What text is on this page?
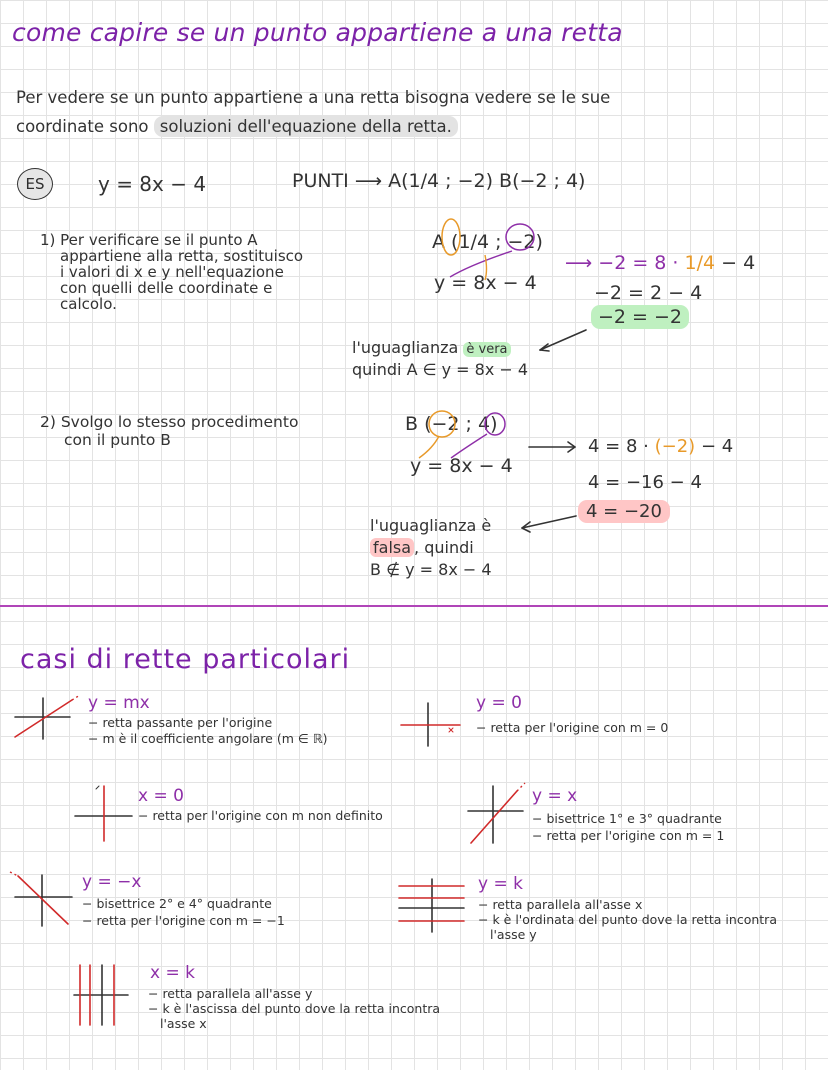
come capire se un punto appartiene a una retta
Per vedere se un punto appartiene a una retta bisogna vedere se le sue
coordinate sono soluzioni dell'equazione della retta.
ES	y = 8x − 4	PUNTI ⟶ A(1/4 ; −2) B(−2 ; 4)
1) Per verificare se il punto A
appartiene alla retta, sostituisco
i valori di x e y nell'equazione
con quelli delle coordinate e
calcolo.
A (1/4 ; −2)
y = 8x − 4
⟶ −2 = 8 · 1/4 − 4
−2 = 2 − 4
−2 = −2
l'uguaglianza è vera
quindi A ∈ y = 8x − 4
2) Svolgo lo stesso procedimento
con il punto B
B (−2 ; 4)
y = 8x − 4
4 = 8 · (−2) − 4
4 = −16 − 4
4 = −20
l'uguaglianza è
falsa , quindi
B ∉ y = 8x − 4
casi di rette particolari
y = mx
− retta passante per l'origine
− m è il coefficiente angolare (m ∈ ℝ)
y = 0
− retta per l'origine con m = 0
x = 0
− retta per l'origine con m non definito
y = x
− bisettrice 1° e 3° quadrante
− retta per l'origine con m = 1
y = −x
− bisettrice 2° e 4° quadrante
− retta per l'origine con m = −1
y = k
− retta parallela all'asse x
− k è l'ordinata del punto dove la retta incontra
l'asse y
x = k
− retta parallela all'asse y
− k è l'ascissa del punto dove la retta incontra
l'asse x
